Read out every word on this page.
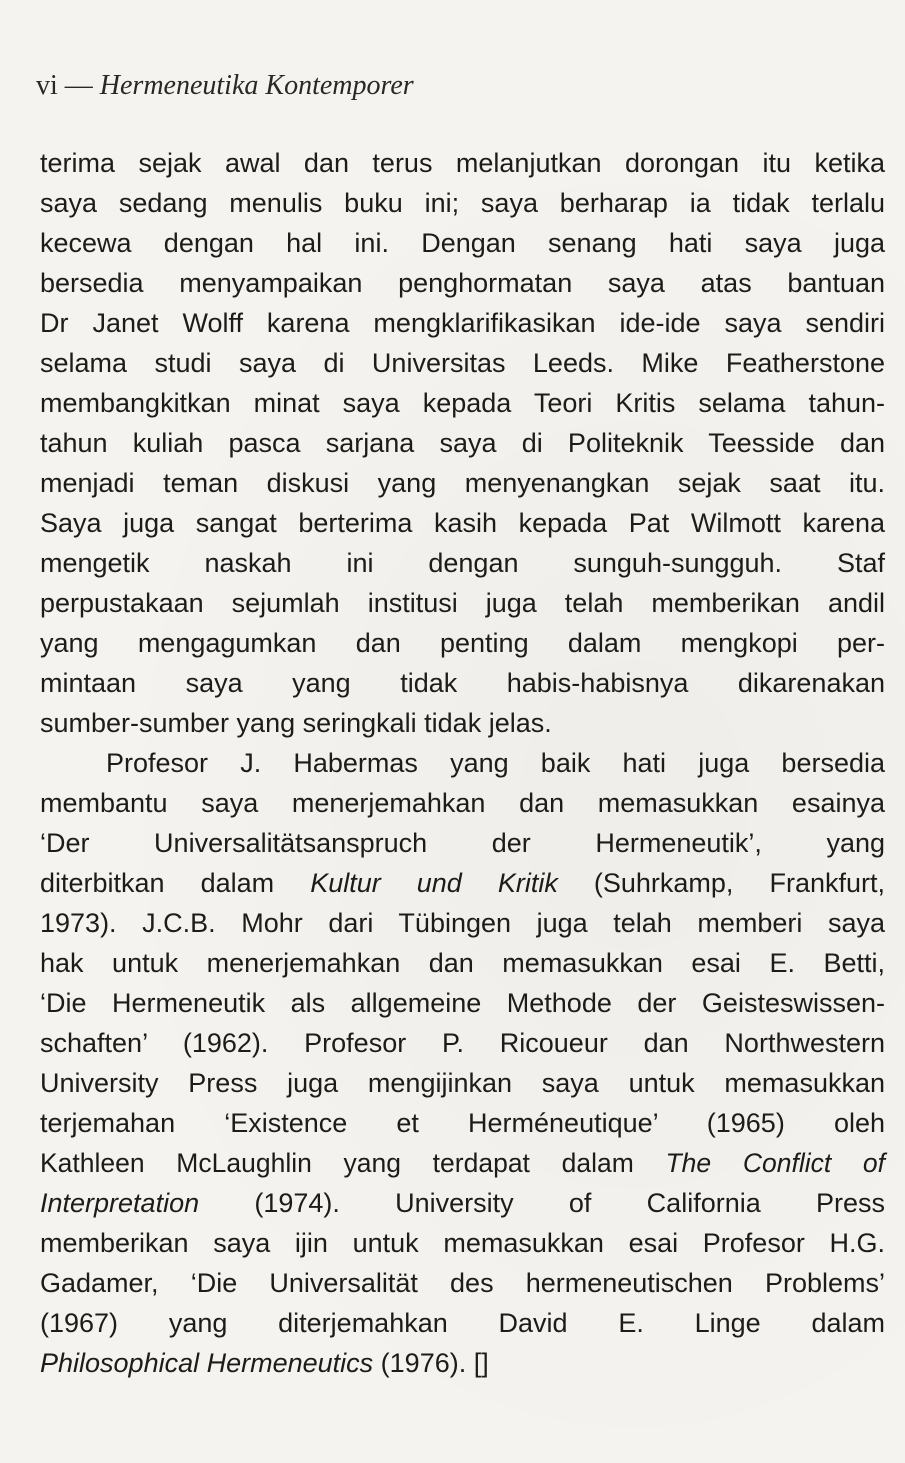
vi — Hermeneutika Kontemporer

terima sejak awal dan terus melanjutkan dorongan itu ketika
saya sedang menulis buku ini; saya berharap ia tidak terlalu
kecewa dengan hal ini. Dengan senang hati saya juga
bersedia menyampaikan penghormatan saya atas bantuan
Dr Janet Wolff karena mengklarifikasikan ide-ide saya sendiri
selama studi saya di Universitas Leeds. Mike Featherstone
membangkitkan minat saya kepada Teori Kritis selama tahun-
tahun kuliah pasca sarjana saya di Politeknik Teesside dan
menjadi teman diskusi yang menyenangkan sejak saat itu.
Saya juga sangat berterima kasih kepada Pat Wilmott karena
mengetik naskah ini dengan sunguh-sungguh. Staf
perpustakaan sejumlah institusi juga telah memberikan andil
yang mengagumkan dan penting dalam mengkopi per-
mintaan saya yang tidak habis-habisnya dikarenakan
sumber-sumber yang seringkali tidak jelas.

Profesor J. Habermas yang baik hati juga bersedia
membantu saya menerjemahkan dan memasukkan esainya
‘Der Universalitätsanspruch der Hermeneutik’, yang
diterbitkan dalam Kultur und Kritik (Suhrkamp, Frankfurt,
1973). J.C.B. Mohr dari Tübingen juga telah memberi saya
hak untuk menerjemahkan dan memasukkan esai E. Betti,
‘Die Hermeneutik als allgemeine Methode der Geisteswissen-
schaften’ (1962). Profesor P. Ricoueur dan Northwestern
University Press juga mengijinkan saya untuk memasukkan
terjemahan ‘Existence et Herméneutique’ (1965) oleh
Kathleen McLaughlin yang terdapat dalam The Conflict of
Interpretation (1974). University of California Press
memberikan saya ijin untuk memasukkan esai Profesor H.G.
Gadamer, ‘Die Universalität des hermeneutischen Problems’
(1967) yang diterjemahkan David E. Linge dalam
Philosophical Hermeneutics (1976). []
